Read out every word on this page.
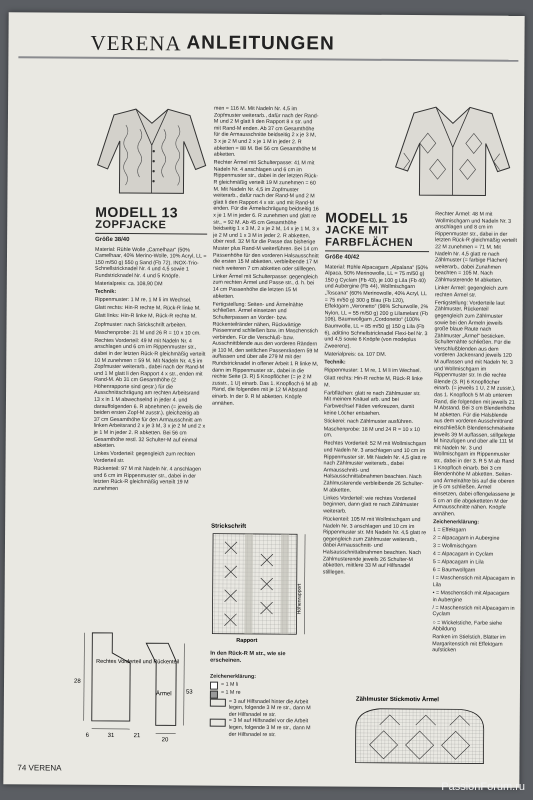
VERENA ANLEITUNGEN
MODELL 13
ZOPFJACKE
Größe 38/40

Material: Rühle Wolle „Camelhaar“ (50% Camelhaar, 40% Merino-Wolle, 10% Acryl, LL = 150 m/50 g) 550 g Sand (Fb 72). INOX-Trio-Schnellstricknadel Nr. 4 und 4,5 sowie 1 Rundstricknadel Nr. 4 und 5 Knöpfe.

Materialpreis: ca. 108,90 DM

Technik:

Rippenmuster: 1 M re, 1 M li im Wechsel.

Glatt rechts: Hin-R rechte M, Rück-R linke M.

Glatt links: Hin-R linke M, Rück-R rechte M.

Zopfmuster: nach Strickschrift arbeiten.

Maschenprobe: 21 M und 26 R = 10 x 10 cm.

Rechtes Vorderteil: 49 M mit Nadeln Nr. 4 anschlagen und 6 cm im Rippenmuster str., dabei in der letzten Rück-R gleichmäßig verteilt 10 M zunehmen = 59 M. Mit Nadeln Nr. 4,5 im Zopfmuster weiterarb., dabei nach der Rand-M und 1 M glatt li den Rapport 4 x str., enden mit Rand-M. Ab 31 cm Gesamthöhe (2 Höhenrapporte sind gestr.) für die Ausschnittschrägung am rechten Arbeitsrand 13 x in 1 M abwechselnd in jeder 4. und darauffolgenden 6. R abnehmen (= jeweils die beiden ersten Zopf-M zusstr.), gleichzeitig ab 37 cm Gesamthöhe für den Armausschnitt am linken Arbeitsrand 2 x je 3 M, 3 x je 2 M und 2 x je 1 M in jeder 2. R abketten. Bei 56 cm Gesamthöhe restl. 32 Schulter-M auf einmal abketten.

Linkes Vorderteil: gegengleich zum rechten Vorderteil str.

Rückenteil: 97 M mit Nadeln Nr. 4 anschlagen und 6 cm im Rippenmuster str., dabei in der letzten Rück-R gleichmäßig verteilt 19 M zunehmen

Rechtes Vorderteil und Rückenteil
Ärmel
28
31
6
53
20
21

men = 116 M. Mit Nadeln Nr. 4,5 im Zopfmuster weiterarb., dafür nach der Rand-M und 2 M glatt li den Rapport 8 x str. und mit Rand-M enden. Ab 37 cm Gesamthöhe für die Armausschnitte beidseitig 2 x je 3 M, 3 x je 2 M und 2 x je 1 M in jeder 2. R abketten = 88 M. Bei 56 cm Gesamthöhe M abketten.

Rechter Ärmel mit Schulterpasse: 41 M mit Nadeln Nr. 4 anschlagen und 6 cm im Rippenmuster str., dabei in der letzten Rück-R gleichmäßig verteilt 19 M zunehmen = 60 M. Mit Nadeln Nr. 4,5 im Zopfmuster weiterarb., dafür nach der Rand-M und 2 M glatt li den Rapport 4 x str. und mit Rand-M enden. Für die Ärmelschrägung beidseitig 16 x je 1 M in jeder 6. R zunehmen und glatt re str., = 92 M. Ab 45 cm Gesamthöhe beidseitig 1 x 3 M, 2 x je 2 M, 14 x je 1 M, 3 x je 2 M und 1 x 3 M in jeder 2. R abketten, über restl. 32 M für die Passe das bisherige Muster plus Rand-M weiterführen. Bei 14 cm Passenhöhe für den vorderen Halsausschnitt die ersten 15 M abketten, verbleibende 17 M nach weiteren 7 cm abketten oder stilllegen.

Linker Ärmel mit Schulterpasse: gegengleich zum rechten Ärmel und Passe str., d. h. bei 14 cm Passenhöhe die letzten 15 M abketten.

Fertigstellung: Seiten- und Ärmelnähte schließen. Ärmel einsetzen und Schulterpassen an Vorder- bzw. Rückenteilränder nähen, Rückwärtige Passenrand schließen bzw. im Maschenstich verbinden. Für die Verschluß- bzw. Ausschnittblende aus den vorderen Rändern je 110 M, den seitlichen Passenrändern 59 M auffassen und über alle 279 M mit der Rundstricknadel in offener Arbeit 1 R linke M, dann im Rippenmuster str., dabei in die rechte Seite (3. R) 5 Knopflöcher (= je 2 M zusstr., 1 U) einarb. Das 1. Knopfloch 6 M ab Rand, die folgenden mit je 12 M Abstand einarb. In der 9. R M abketten. Knöpfe annähen.

Strickschrift
Höhenrapport
Rapport

In den Rück-R M str., wie sie erscheinen.

Zeichenerklärung:

= 1 M li
= 1 M re
= 3 auf Hilfsnadel hinter die Arbeit legen, folgende 3 M re str., dann M der Hilfsnadel re str.
= 3 M auf Hilfsnadel vor die Arbeit legen, folgende 3 M re str., dann M der Hilfsnadel re str.
MODELL 15
JACKE MIT FARBFLÄCHEN
Größe 40/42

Material: Rühle Alpacagarn „Alpalana“ (50% Alpaca, 50% Merinowolle, LL = 75 m/50 g) 150 g Cyclam (Fb 43), je 100 g Lila (Fb 40) und Aubergine (Fb 44), Wollmischgarn „Toscana“ (60% Merinowolle, 40% Acryl, LL = 75 m/50 g) 300 g Blau (Fb 120), Effektgarn „Veronetto“ (98% Schurwolle, 2% Nylon, LL = 55 m/50 g) 200 g Lilamelant (Fb 106), Baumwollgarn „Cordonetto“ (100% Baumwolle, LL = 85 m/50 g) 150 g Lila (Fb 6), adittino Schnellstricknadel Flexi-bel Nr. 3 und 4,5 sowie 6 Knöpfe (von modeplus Zweerenz).

Materialpreis: ca. 107 DM.

Technik:

Rippenmuster: 1 M re, 1 M li im Wechsel.

Glatt rechts: Hin-R rechte M, Rück-R linke M.

Farbflächen: glatt re nach Zählmuster str. Mit meinem Knäuel arb. und bei Farbwechsel Fäden verkreuzen, damit keine Löcher entstehen.

Stickerei: nach Zählmuster ausführen.

Maschenprobe: 18 M und 24 R = 10 x 10 cm.

Rechtes Vorderteil: 52 M mit Wollmischgarn und Nadeln Nr. 3 anschlagen und 10 cm im Rippenmuster str. Mit Nadeln Nr. 4,5 glatt re nach Zählmuster weiterarb., dabei Armausschnitt- und Halsausschnittabnahmen beachten. Nach Zählmusterende verbleibende 26 Schulter-M abketten.

Linkes Vorderteil: wie rechtes Vorderteil beginnen, dann glatt re nach Zählmuster weiterarb.

Rückenteil: 105 M mit Wollmischgarn und Nadeln Nr. 3 anschlagen und 10 cm im Rippenmuster str. Mit Nadeln Nr. 4,5 glatt re gegengleich zum Zählmuster weiterarb., dabei Armausschnitt- und Halsausschnittabnahmen beachten. Nach Zählmusterende jeweils 26 Schulter-M abketten, mittlere 33 M auf Hilfsnadel stilllegen.

Rechter Ärmel: 48 M mit Wollmischgarn und Nadeln Nr. 3 anschlagen und 8 cm im Rippenmuster str., dabei in der letzten Rück-R gleichmäßig verteilt 22 M zunehmen = 71 M. Mit Nadeln Nr. 4,5 glatt re nach Zählmuster (= farbige Flächen) weiterarb., dabei Zunahmen beachten = 105 M. Nach Zählmusterende M abketten.

Linker Ärmel: gegengleich zum rechten Ärmel str.

Fertigstellung: Vorderteile laut Zählmuster, Rückenteil gegengleich zum Zählmuster sowie bei den Ärmeln jeweils große blaue Raute nach Zählmuster „Ärmel“ besticken. Schulternähte schließen. Für die Verschlußblenden aus dem vorderen Jackenrand jeweils 120 M auffassen und mit Nadeln Nr. 3 und Wollmischgarn im Rippenmuster str. In die rechte Blende (3. R) 6 Knopflöcher einarb. (= jeweils 1 U, 2 M zusstr.), das 1. Knopfloch 5 M ab unterem Rand, die folgenden mit jeweils 21 M Abstand. Bei 3 cm Blendenhöhe M abketten. Für die Halsblende aus dem vorderen Ausschnittrand einschließlich Blendenschmalseite jeweils 39 M auffassen, stillgelegte M hinzufügen und über alle 111 M mit Nadeln Nr. 3 und Wollmischgarn im Rippenmuster str., dabei in der 3. R 5 M ab Rand 1 Knopfloch einarb. Bei 3 cm Blendenhöhe M abketten. Seiten- und Ärmelnähte bis auf die oberen je 5 cm schließen. Ärmel einsetzen, dabei offengelassene je 5 cm an die abgeketteten M der Armausschnitte nähen. Knöpfe annähen.

Zeichenerklärung:

1 = Effektgarn

2 = Alpacagarn in Aubergine

3 = Wollmischgarn

4 = Alpacagarn in Cyclam

5 = Alpacagarn in Lila

6 = Baumwollgarn

I = Maschenstich mit Alpacagarn in Lila

• = Maschenstich mit Alpacagarn in Aubergine

/ = Maschenstich mit Alpacagarn in Cyclam

○ = Wickelstiche, Farbe siehe Abbildung

Ranken im Stielstich, Blätter im Margaritenstich mit Effektgarn aufsticken

Zählmuster Stickmotiv Ärmel
74 VERENA
PassionForum.ru
